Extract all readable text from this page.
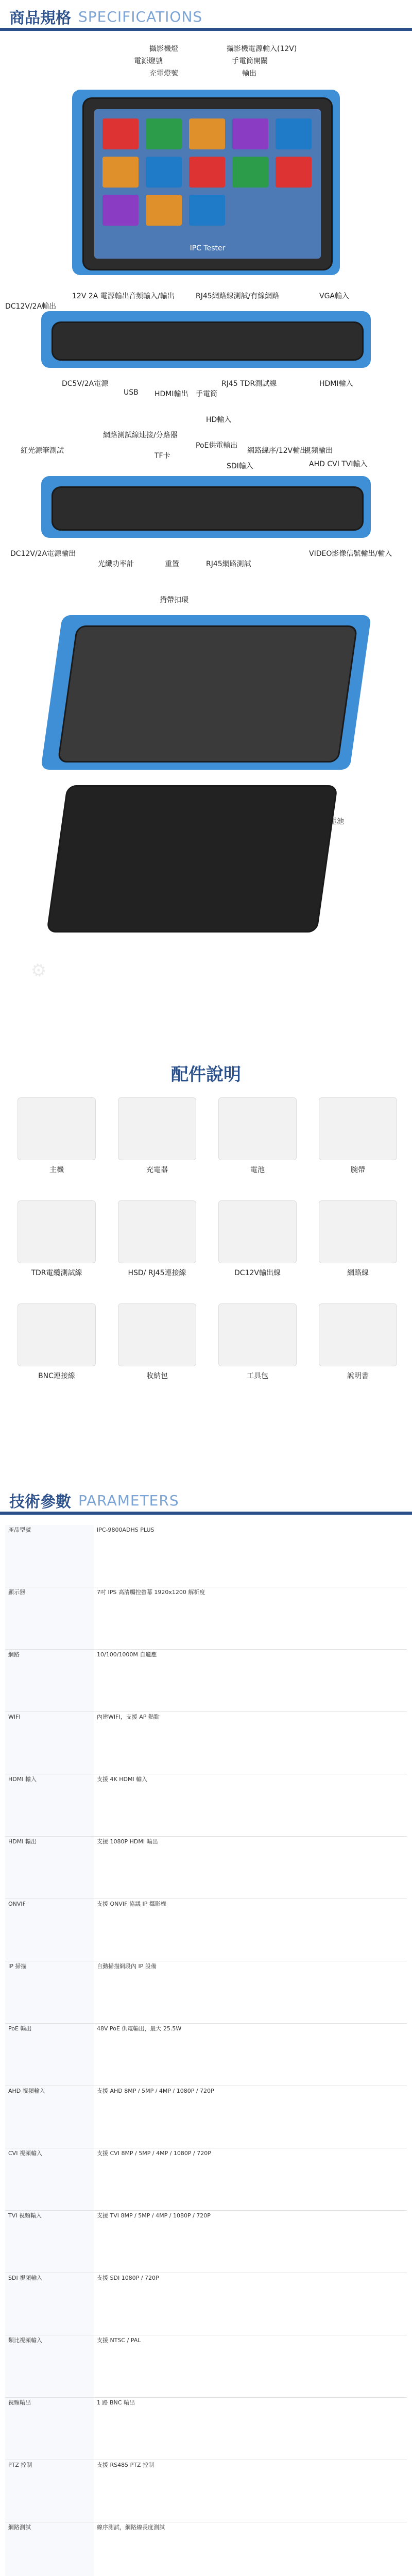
商品規格 SPECIFICATIONS
IPC Tester
攝影機燈	攝影機電源輸入(12V)
電源燈號	手電筒開關
充電燈號	輸出
12V 2A 電源輸出 音頻輸入/輸出	RJ45網路線測試/有線網路	VGA輸入
DC12V/2A輸出
DC5V/2A電源
USB HDMI輸出
RJ45 TDR測試線
手電筒
HDMI輸入
HD輸入
網路測試線連接/分路器
PoE供電輸出
紅光源筆測試
TF卡
網路線序/12V輸出
SDI輸入
視頻輸出
AHD CVI TVI輸入
DC12V/2A電源輸出
光纖功率計	重置	RJ45網路測試
VIDEO影像信號輸出/輸入
揹帶扣環
電池
⚙
配件說明
主機	充電器	電池	腕帶
TDR電纜測試線	HSD/ RJ45連接線	DC12V輸出線	網路線
BNC連接線	收納包	工具包	說明書
技術參數 PARAMETERS
產品型號	IPC-9800ADHS PLUS
顯示器	7吋 IPS 高清觸控螢幕 1920x1200 解析度
網路	10/100/1000M 自適應
WIFI	內建WIFI，支援 AP 熱點
HDMI 輸入	支援 4K HDMI 輸入
HDMI 輸出	支援 1080P HDMI 輸出
ONVIF	支援 ONVIF 協議 IP 攝影機
IP 掃描	自動掃描網段內 IP 設備
PoE 輸出	48V PoE 供電輸出，最大 25.5W
AHD 視頻輸入	支援 AHD 8MP / 5MP / 4MP / 1080P / 720P
CVI 視頻輸入	支援 CVI 8MP / 5MP / 4MP / 1080P / 720P
TVI 視頻輸入	支援 TVI 8MP / 5MP / 4MP / 1080P / 720P
SDI 視頻輸入	支援 SDI 1080P / 720P
類比視頻輸入	支援 NTSC / PAL
視頻輸出	1 路 BNC 輸出
PTZ 控制	支援 RS485 PTZ 控制
網路測試	線序測試，網路線長度測試
